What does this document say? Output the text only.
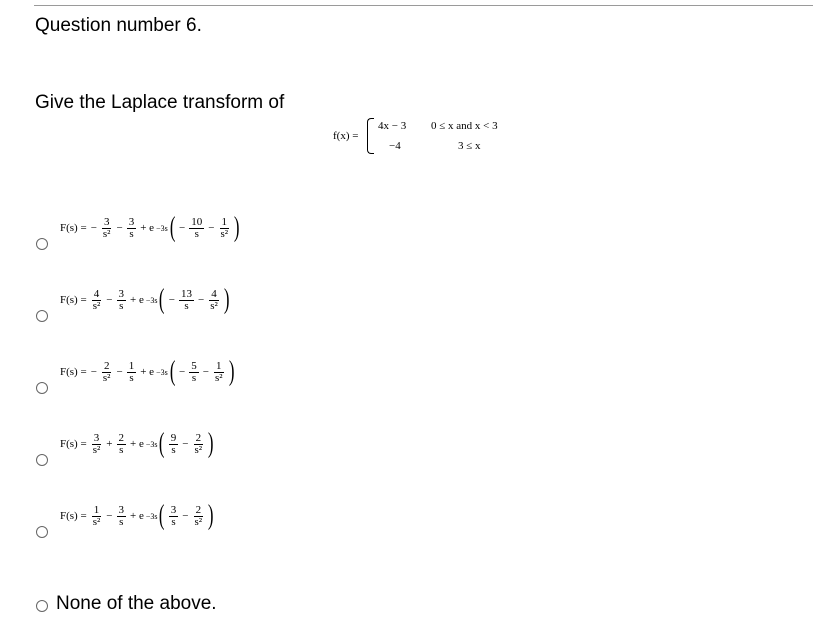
Question number 6.
Give the Laplace transform of
f(x) =
4x − 3 0 ≤ x and x < 3
−4	3 ≤ x
F(s) = − $\frac{3}{\text{s²}} - \frac{3}{s} + e -3s$ ( − $\frac{10}{s} - \frac{1}{\text{s²}}$ )
$F(s) = \frac{4}{\text{s²}} - \frac{3}{s} + e -3s$ ( − $\frac{13}{s} - \frac{4}{\text{s²}}$ )
F(s) = − $\frac{2}{\text{s²}} - \frac{1}{s} + e -3s$ ( − $\frac{5}{s} - \frac{1}{\text{s²}}$ )
$F(s) = \frac{3}{\text{s²}} + \frac{2}{s} + e -3s$ ( $\frac{9}{s} - \frac{2}{\text{s²}}$ )
$F(s) = \frac{1}{\text{s²}} - \frac{3}{s} + e -3s$ ( $\frac{3}{s} - \frac{2}{\text{s²}}$ )
None of the above.
